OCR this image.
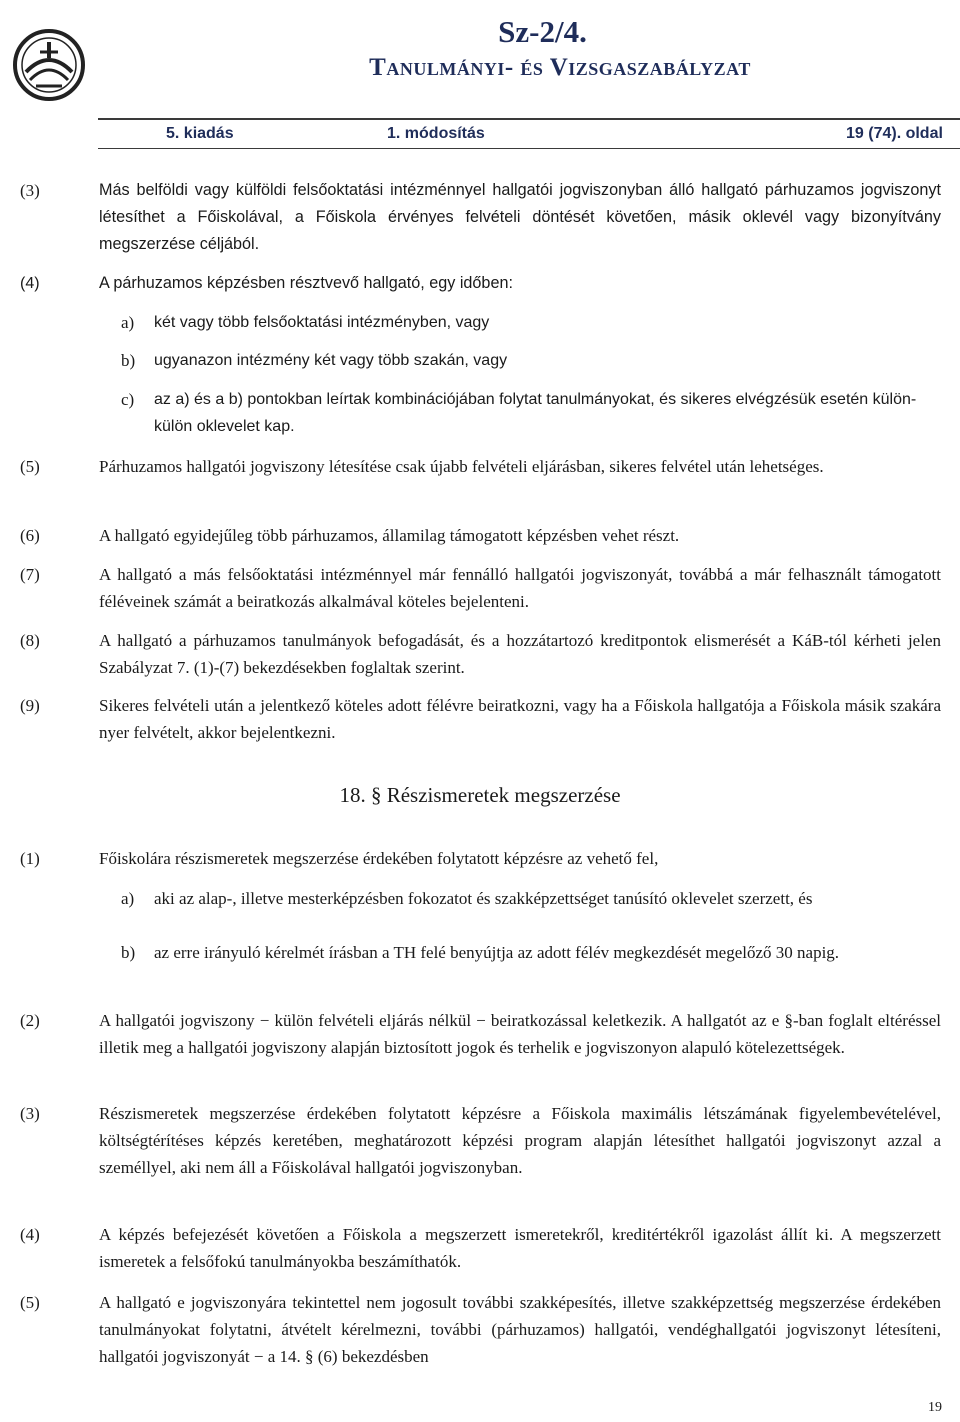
Sz-2/4.
Tanulmányi- és Vizsgaszabályzat
5. kiadás	1. módosítás	19 (74). oldal
(3)	Más belföldi vagy külföldi felsőoktatási intézménnyel hallgatói jogviszonyban álló hallgató párhuzamos jogviszonyt létesíthet a Főiskolával, a Főiskola érvényes felvételi döntését követően, másik oklevél vagy bizonyítvány megszerzése céljából.
(4)	A párhuzamos képzésben résztvevő hallgató, egy időben:
a) két vagy több felsőoktatási intézményben, vagy
b) ugyanazon intézmény két vagy több szakán, vagy
c) az a) és a b) pontokban leírtak kombinációjában folytat tanulmányokat, és sikeres elvégzésük esetén külön-külön oklevelet kap.
(5)	Párhuzamos hallgatói jogviszony létesítése csak újabb felvételi eljárásban, sikeres felvétel után lehetséges.
(6)	A hallgató egyidejűleg több párhuzamos, államilag támogatott képzésben vehet részt.
(7)	A hallgató a más felsőoktatási intézménnyel már fennálló hallgatói jogviszonyát, továbbá a már felhasznált támogatott féléveinek számát a beiratkozás alkalmával köteles bejelenteni.
(8)	A hallgató a párhuzamos tanulmányok befogadását, és a hozzátartozó kreditpontok elismerését a KáB-tól kérheti jelen Szabályzat 7. (1)-(7) bekezdésekben foglaltak szerint.
(9)	Sikeres felvételi után a jelentkező köteles adott félévre beiratkozni, vagy ha a Főiskola hallgatója a Főiskola másik szakára nyer felvételt, akkor bejelentkezni.
18. § Részismeretek megszerzése
(1)	Főiskolára részismeretek megszerzése érdekében folytatott képzésre az vehető fel,
a) aki az alap-, illetve mesterképzésben fokozatot és szakképzettséget tanúsító oklevelet szerzett, és
b) az erre irányuló kérelmét írásban a TH felé benyújtja az adott félév megkezdését megelőző 30 napig.
(2)	A hallgatói jogviszony − külön felvételi eljárás nélkül − beiratkozással keletkezik. A hallgatót az e §-ban foglalt eltéréssel illetik meg a hallgatói jogviszony alapján biztosított jogok és terhelik e jogviszonyon alapuló kötelezettségek.
(3)	Részismeretek megszerzése érdekében folytatott képzésre a Főiskola maximális létszámának figyelembevételével, költségtérítéses képzés keretében, meghatározott képzési program alapján létesíthet hallgatói jogviszonyt azzal a személlyel, aki nem áll a Főiskolával hallgatói jogviszonyban.
(4)	A képzés befejezését követően a Főiskola a megszerzett ismeretekről, kreditértékről igazolást állít ki. A megszerzett ismeretek a felsőfokú tanulmányokba beszámíthatók.
(5)	A hallgató e jogviszonyára tekintettel nem jogosult további szakképesítés, illetve szakképzettség megszerzése érdekében tanulmányokat folytatni, átvételt kérelmezni, további (párhuzamos) hallgatói, vendéghallgatói jogviszonyt létesíteni, hallgatói jogviszonyát − a 14. § (6) bekezdésben
19
